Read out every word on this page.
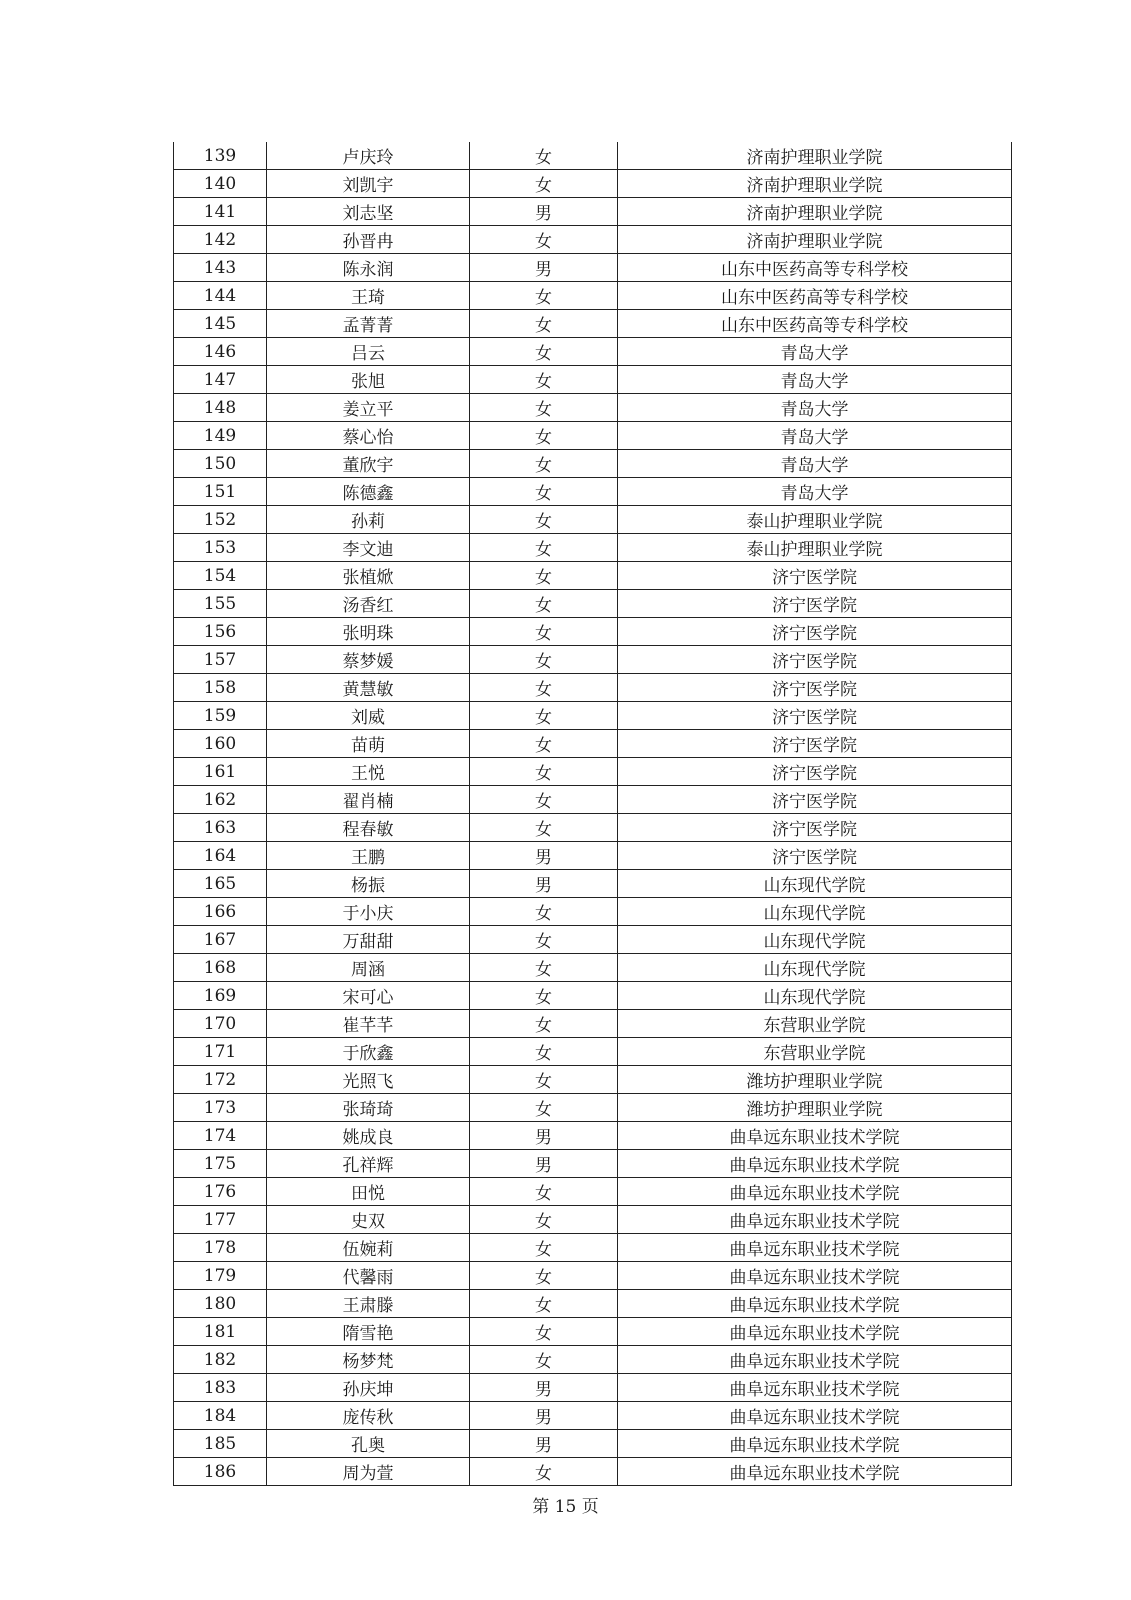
139	卢庆玲	女	济南护理职业学院
140	刘凯宇	女	济南护理职业学院
141	刘志坚	男	济南护理职业学院
142	孙晋冉	女	济南护理职业学院
143	陈永润	男	山东中医药高等专科学校
144	王琦	女	山东中医药高等专科学校
145	孟菁菁	女	山东中医药高等专科学校
146	吕云	女	青岛大学
147	张旭	女	青岛大学
148	姜立平	女	青岛大学
149	蔡心怡	女	青岛大学
150	董欣宇	女	青岛大学
151	陈德鑫	女	青岛大学
152	孙莉	女	泰山护理职业学院
153	李文迪	女	泰山护理职业学院
154	张植焮	女	济宁医学院
155	汤香红	女	济宁医学院
156	张明珠	女	济宁医学院
157	蔡梦媛	女	济宁医学院
158	黄慧敏	女	济宁医学院
159	刘威	女	济宁医学院
160	苗萌	女	济宁医学院
161	王悦	女	济宁医学院
162	翟肖楠	女	济宁医学院
163	程春敏	女	济宁医学院
164	王鹏	男	济宁医学院
165	杨振	男	山东现代学院
166	于小庆	女	山东现代学院
167	万甜甜	女	山东现代学院
168	周涵	女	山东现代学院
169	宋可心	女	山东现代学院
170	崔芊芊	女	东营职业学院
171	于欣鑫	女	东营职业学院
172	光照飞	女	潍坊护理职业学院
173	张琦琦	女	潍坊护理职业学院
174	姚成良	男	曲阜远东职业技术学院
175	孔祥辉	男	曲阜远东职业技术学院
176	田悦	女	曲阜远东职业技术学院
177	史双	女	曲阜远东职业技术学院
178	伍婉莉	女	曲阜远东职业技术学院
179	代馨雨	女	曲阜远东职业技术学院
180	王肃滕	女	曲阜远东职业技术学院
181	隋雪艳	女	曲阜远东职业技术学院
182	杨梦梵	女	曲阜远东职业技术学院
183	孙庆坤	男	曲阜远东职业技术学院
184	庞传秋	男	曲阜远东职业技术学院
185	孔奥	男	曲阜远东职业技术学院
186	周为萱	女	曲阜远东职业技术学院
第 15 页
